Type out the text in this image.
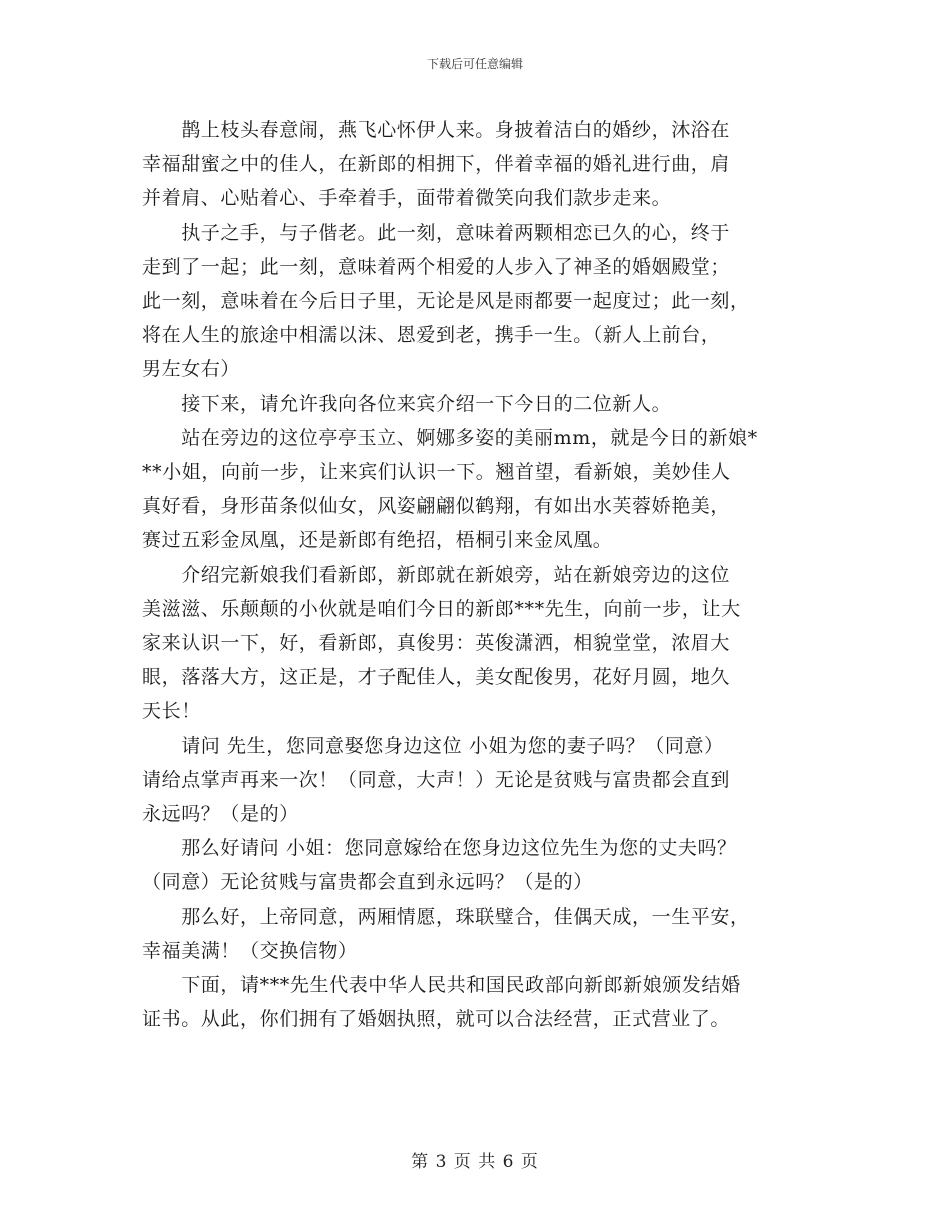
下载后可任意编辑

　　鹊上枝头春意闹，燕飞心怀伊人来。身披着洁白的婚纱，沐浴在

幸福甜蜜之中的佳人，在新郎的相拥下，伴着幸福的婚礼进行曲，肩

并着肩、心贴着心、手牵着手，面带着微笑向我们款步走来。

　　执子之手，与子偕老。此一刻，意味着两颗相恋已久的心，终于

走到了一起；此一刻，意味着两个相爱的人步入了神圣的婚姻殿堂；

此一刻，意味着在今后日子里，无论是风是雨都要一起度过；此一刻，

将在人生的旅途中相濡以沫、恩爱到老，携手一生。（新人上前台，

男左女右）

　　接下来，请允许我向各位来宾介绍一下今日的二位新人。

　　站在旁边的这位亭亭玉立、婀娜多姿的美丽mm，就是今日的新娘*

**小姐，向前一步，让来宾们认识一下。翘首望，看新娘，美妙佳人

真好看，身形苗条似仙女，风姿翩翩似鹤翔，有如出水芙蓉娇艳美，

赛过五彩金凤凰，还是新郎有绝招，梧桐引来金凤凰。

　　介绍完新娘我们看新郎，新郎就在新娘旁，站在新娘旁边的这位

美滋滋、乐颠颠的小伙就是咱们今日的新郎***先生，向前一步，让大

家来认识一下，好，看新郎，真俊男：英俊潇洒，相貌堂堂，浓眉大

眼，落落大方，这正是，才子配佳人，美女配俊男，花好月圆，地久

天长！

　　请问 先生，您同意娶您身边这位 小姐为您的妻子吗？（同意）

请给点掌声再来一次！（同意，大声！）无论是贫贱与富贵都会直到

永远吗？（是的）

　　那么好请问 小姐：您同意嫁给在您身边这位先生为您的丈夫吗？

（同意）无论贫贱与富贵都会直到永远吗？（是的）

　　那么好，上帝同意，两厢情愿，珠联璧合，佳偶天成，一生平安，

幸福美满！（交换信物）

　　下面，请***先生代表中华人民共和国民政部向新郎新娘颁发结婚

证书。从此，你们拥有了婚姻执照，就可以合法经营，正式营业了。

第 3 页 共 6 页
